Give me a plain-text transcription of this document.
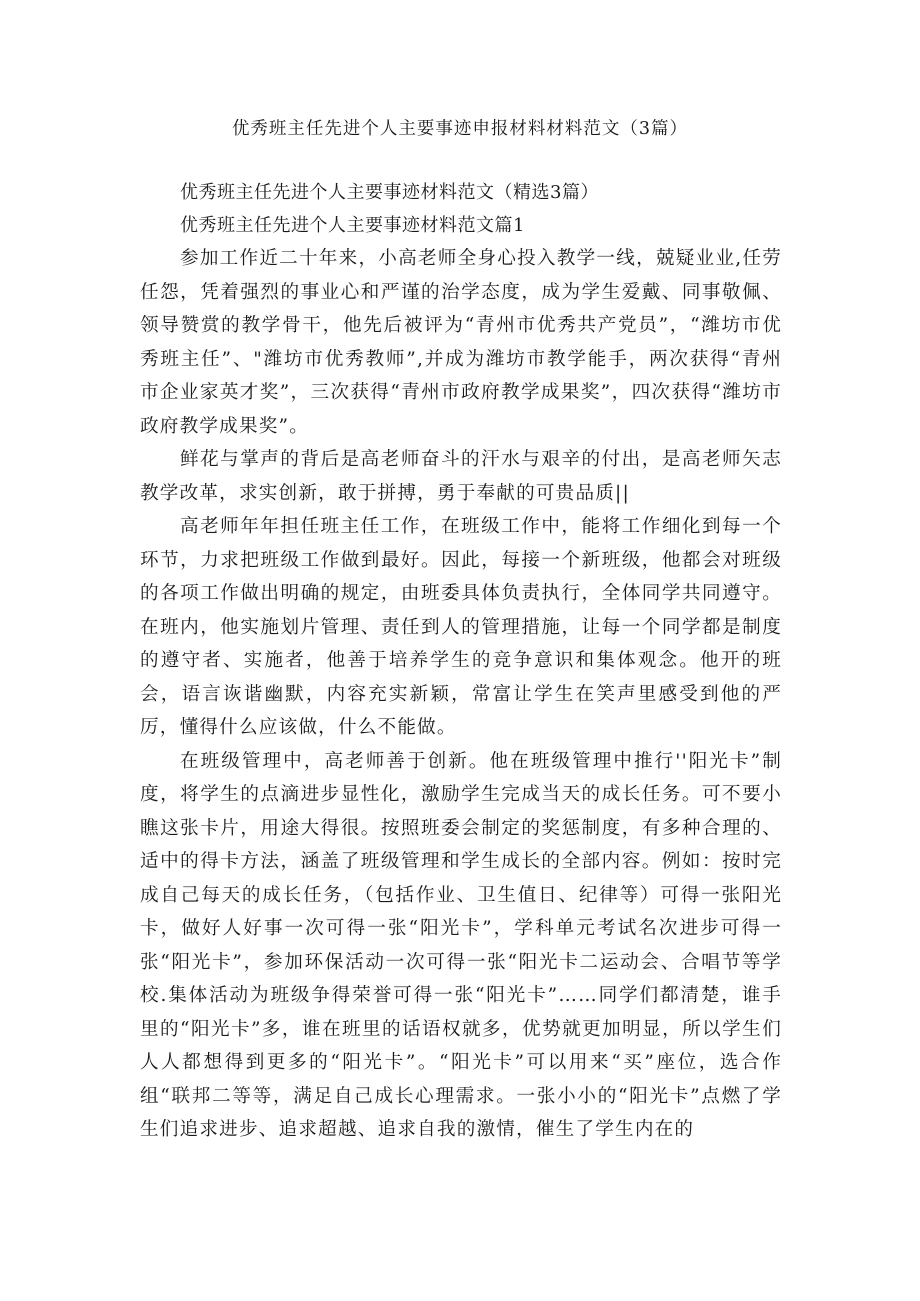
优秀班主任先进个人主要事迹申报材料材料范文（3篇）

优秀班主任先进个人主要事迹材料范文（精选3篇）

优秀班主任先进个人主要事迹材料范文篇1

参加工作近二十年来，小高老师全身心投入教学一线，兢疑业业,任劳任怨，凭着强烈的事业心和严谨的治学态度，成为学生爱戴、同事敬佩、领导赞赏的教学骨干，他先后被评为“青州市优秀共产党员”，“潍坊市优秀班主任”、"潍坊市优秀教师”,并成为潍坊市教学能手，两次获得“青州市企业家英才奖”，三次获得“青州市政府教学成果奖”，四次获得“潍坊市政府教学成果奖”。

鲜花与掌声的背后是高老师奋斗的汗水与艰辛的付出，是高老师矢志教学改革，求实创新，敢于拼搏，勇于奉献的可贵品质||

高老师年年担任班主任工作，在班级工作中，能将工作细化到每一个环节，力求把班级工作做到最好。因此，每接一个新班级，他都会对班级的各项工作做出明确的规定，由班委具体负责执行，全体同学共同遵守。在班内，他实施划片管理、责任到人的管理措施，让每一个同学都是制度的遵守者、实施者，他善于培养学生的竞争意识和集体观念。他开的班会，语言诙谐幽默，内容充实新颖，常富让学生在笑声里感受到他的严厉，懂得什么应该做，什么不能做。

在班级管理中，高老师善于创新。他在班级管理中推行''阳光卡”制度，将学生的点滴进步显性化，激励学生完成当天的成长任务。可不要小瞧这张卡片，用途大得很。按照班委会制定的奖惩制度，有多种合理的、适中的得卡方法，涵盖了班级管理和学生成长的全部内容。例如：按时完成自己每天的成长任务，（包括作业、卫生值日、纪律等）可得一张阳光卡，做好人好事一次可得一张“阳光卡”，学科单元考试名次进步可得一张“阳光卡”，参加环保活动一次可得一张“阳光卡二运动会、合唱节等学校.集体活动为班级争得荣誉可得一张“阳光卡”……同学们都清楚，谁手里的“阳光卡”多，谁在班里的话语权就多，优势就更加明显，所以学生们人人都想得到更多的“阳光卡”。“阳光卡”可以用来“买”座位，选合作组“联邦二等等，满足自己成长心理需求。一张小小的“阳光卡”点燃了学生们追求进步、追求超越、追求自我的激情，催生了学生内在的
